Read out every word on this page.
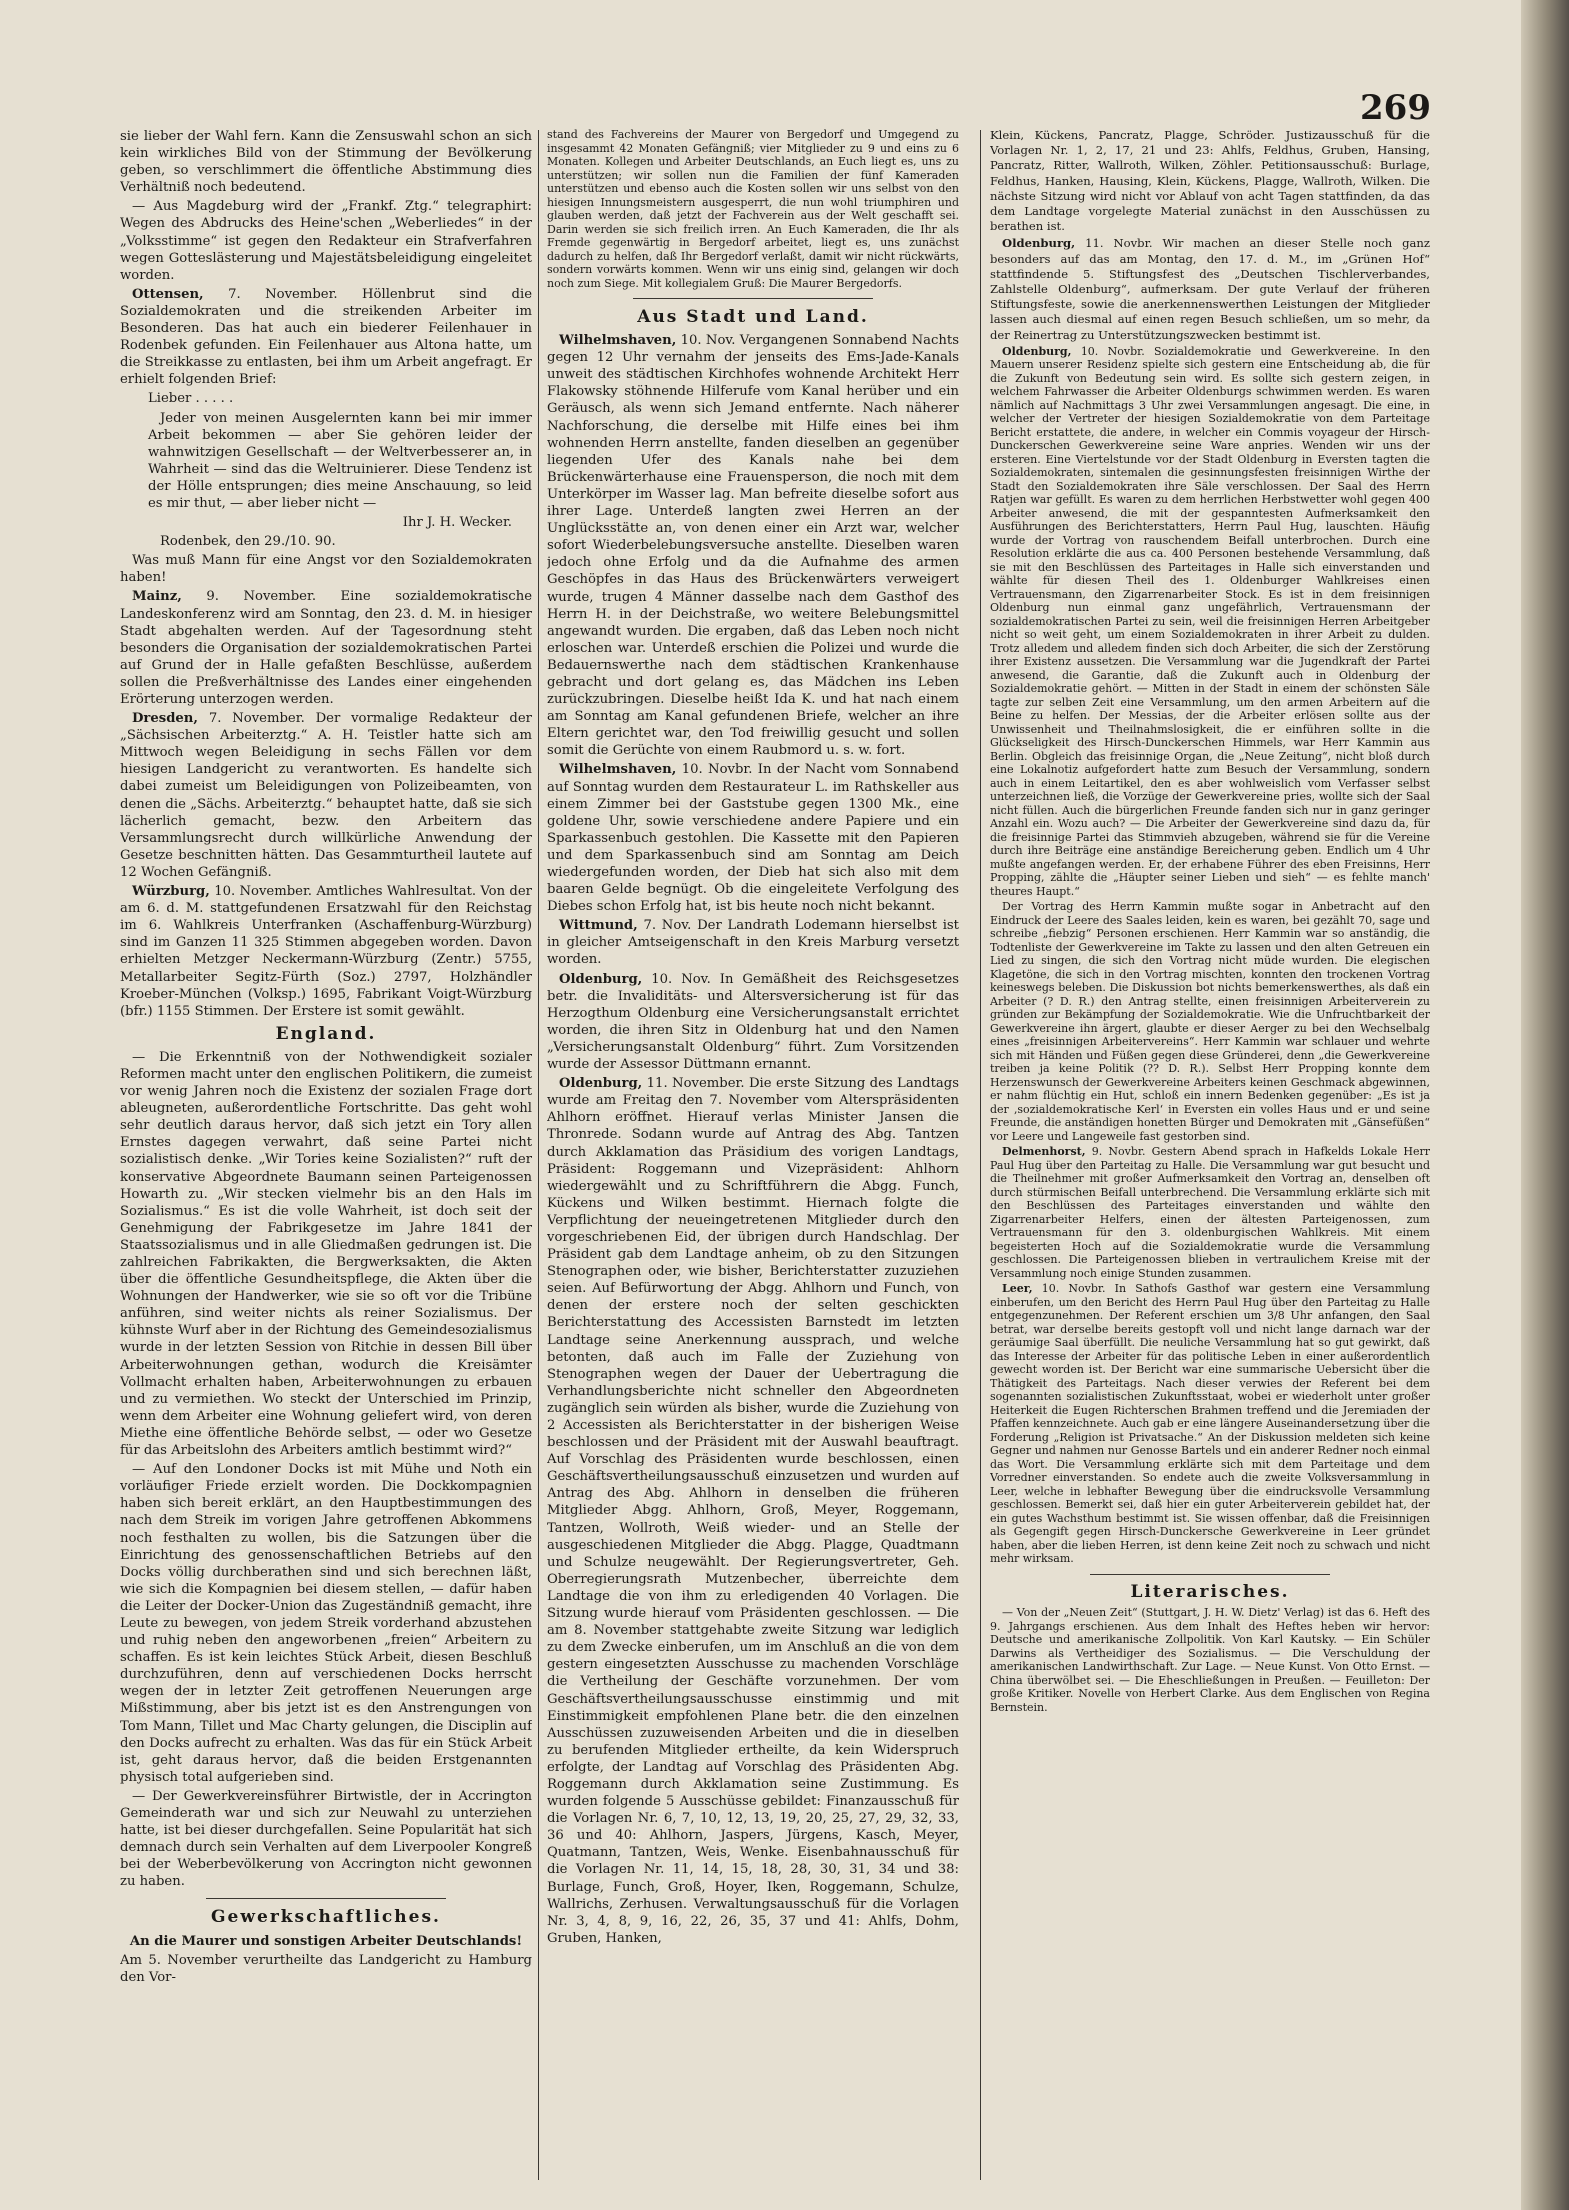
269

sie lieber der Wahl fern. Kann die Zensuswahl schon an sich kein wirkliches Bild von der Stimmung der Bevölkerung geben, so verschlimmert die öffentliche Abstimmung dies Verhältniß noch bedeutend.

— Aus Magdeburg wird der „Frankf. Ztg.“ telegraphirt: Wegen des Abdrucks des Heine'schen „Weberliedes“ in der „Volksstimme“ ist gegen den Redakteur ein Strafverfahren wegen Gotteslästerung und Majestätsbeleidigung eingeleitet worden.

Ottensen, 7. November. Höllenbrut sind die Sozialdemokraten und die streikenden Arbeiter im Besonderen. Das hat auch ein biederer Feilenhauer in Rodenbek gefunden. Ein Feilenhauer aus Altona hatte, um die Streikkasse zu entlasten, bei ihm um Arbeit angefragt. Er erhielt folgenden Brief:

Lieber . . . . .

Jeder von meinen Ausgelernten kann bei mir immer Arbeit bekommen — aber Sie gehören leider der wahnwitzigen Gesellschaft — der Weltverbesserer an, in Wahrheit — sind das die Weltruinierer. Diese Tendenz ist der Hölle entsprungen; dies meine Anschauung, so leid es mir thut, — aber lieber nicht —

Ihr J. H. Wecker.

Rodenbek, den 29./10. 90.

Was muß Mann für eine Angst vor den Sozialdemokraten haben!

Mainz, 9. November. Eine sozialdemokratische Landeskonferenz wird am Sonntag, den 23. d. M. in hiesiger Stadt abgehalten werden. Auf der Tagesordnung steht besonders die Organisation der sozialdemokratischen Partei auf Grund der in Halle gefaßten Beschlüsse, außerdem sollen die Preßverhältnisse des Landes einer eingehenden Erörterung unterzogen werden.

Dresden, 7. November. Der vormalige Redakteur der „Sächsischen Arbeiterztg.“ A. H. Teistler hatte sich am Mittwoch wegen Beleidigung in sechs Fällen vor dem hiesigen Landgericht zu verantworten. Es handelte sich dabei zumeist um Beleidigungen von Polizeibeamten, von denen die „Sächs. Arbeiterztg.“ behauptet hatte, daß sie sich lächerlich gemacht, bezw. den Arbeitern das Versammlungsrecht durch willkürliche Anwendung der Gesetze beschnitten hätten. Das Gesammturtheil lautete auf 12 Wochen Gefängniß.

Würzburg, 10. November. Amtliches Wahlresultat. Von der am 6. d. M. stattgefundenen Ersatzwahl für den Reichstag im 6. Wahlkreis Unterfranken (Aschaffenburg-Würzburg) sind im Ganzen 11 325 Stimmen abgegeben worden. Davon erhielten Metzger Neckermann-Würzburg (Zentr.) 5755, Metallarbeiter Segitz-Fürth (Soz.) 2797, Holzhändler Kroeber-München (Volksp.) 1695, Fabrikant Voigt-Würzburg (bfr.) 1155 Stimmen. Der Erstere ist somit gewählt.

England.

— Die Erkenntniß von der Nothwendigkeit sozialer Reformen macht unter den englischen Politikern, die zumeist vor wenig Jahren noch die Existenz der sozialen Frage dort ableugneten, außerordentliche Fortschritte. Das geht wohl sehr deutlich daraus hervor, daß sich jetzt ein Tory allen Ernstes dagegen verwahrt, daß seine Partei nicht sozialistisch denke. „Wir Tories keine Sozialisten?“ ruft der konservative Abgeordnete Baumann seinen Parteigenossen Howarth zu. „Wir stecken vielmehr bis an den Hals im Sozialismus.“ Es ist die volle Wahrheit, ist doch seit der Genehmigung der Fabrikgesetze im Jahre 1841 der Staatssozialismus und in alle Gliedmaßen gedrungen ist. Die zahlreichen Fabrikakten, die Bergwerksakten, die Akten über die öffentliche Gesundheitspflege, die Akten über die Wohnungen der Handwerker, wie sie so oft vor die Tribüne anführen, sind weiter nichts als reiner Sozialismus. Der kühnste Wurf aber in der Richtung des Gemeindesozialismus wurde in der letzten Session von Ritchie in dessen Bill über Arbeiterwohnungen gethan, wodurch die Kreisämter Vollmacht erhalten haben, Arbeiterwohnungen zu erbauen und zu vermiethen. Wo steckt der Unterschied im Prinzip, wenn dem Arbeiter eine Wohnung geliefert wird, von deren Miethe eine öffentliche Behörde selbst, — oder wo Gesetze für das Arbeitslohn des Arbeiters amtlich bestimmt wird?“

— Auf den Londoner Docks ist mit Mühe und Noth ein vorläufiger Friede erzielt worden. Die Dockkompagnien haben sich bereit erklärt, an den Hauptbestimmungen des nach dem Streik im vorigen Jahre getroffenen Abkommens noch festhalten zu wollen, bis die Satzungen über die Einrichtung des genossenschaftlichen Betriebs auf den Docks völlig durchberathen sind und sich berechnen läßt, wie sich die Kompagnien bei diesem stellen, — dafür haben die Leiter der Docker-Union das Zugeständniß gemacht, ihre Leute zu bewegen, von jedem Streik vorderhand abzustehen und ruhig neben den angeworbenen „freien“ Arbeitern zu schaffen. Es ist kein leichtes Stück Arbeit, diesen Beschluß durchzuführen, denn auf verschiedenen Docks herrscht wegen der in letzter Zeit getroffenen Neuerungen arge Mißstimmung, aber bis jetzt ist es den Anstrengungen von Tom Mann, Tillet und Mac Charty gelungen, die Disciplin auf den Docks aufrecht zu erhalten. Was das für ein Stück Arbeit ist, geht daraus hervor, daß die beiden Erstgenannten physisch total aufgerieben sind.

— Der Gewerkvereinsführer Birtwistle, der in Accrington Gemeinderath war und sich zur Neuwahl zu unterziehen hatte, ist bei dieser durchgefallen. Seine Popularität hat sich demnach durch sein Verhalten auf dem Liverpooler Kongreß bei der Weberbevölkerung von Accrington nicht gewonnen zu haben.

Gewerkschaftliches.

An die Maurer und sonstigen Arbeiter Deutschlands!

Am 5. November verurtheilte das Landgericht zu Hamburg den Vor-

stand des Fachvereins der Maurer von Bergedorf und Umgegend zu insgesammt 42 Monaten Gefängniß; vier Mitglieder zu 9 und eins zu 6 Monaten. Kollegen und Arbeiter Deutschlands, an Euch liegt es, uns zu unterstützen; wir sollen nun die Familien der fünf Kameraden unterstützen und ebenso auch die Kosten sollen wir uns selbst von den hiesigen Innungsmeistern ausgesperrt, die nun wohl triumphiren und glauben werden, daß jetzt der Fachverein aus der Welt geschafft sei. Darin werden sie sich freilich irren. An Euch Kameraden, die Ihr als Fremde gegenwärtig in Bergedorf arbeitet, liegt es, uns zunächst dadurch zu helfen, daß Ihr Bergedorf verlaßt, damit wir nicht rückwärts, sondern vorwärts kommen. Wenn wir uns einig sind, gelangen wir doch noch zum Siege. Mit kollegialem Gruß: Die Maurer Bergedorfs.

Aus Stadt und Land.

Wilhelmshaven, 10. Nov. Vergangenen Sonnabend Nachts gegen 12 Uhr vernahm der jenseits des Ems-Jade-Kanals unweit des städtischen Kirchhofes wohnende Architekt Herr Flakowsky stöhnende Hilferufe vom Kanal herüber und ein Geräusch, als wenn sich Jemand entfernte. Nach näherer Nachforschung, die derselbe mit Hilfe eines bei ihm wohnenden Herrn anstellte, fanden dieselben an gegenüber liegenden Ufer des Kanals nahe bei dem Brückenwärterhause eine Frauensperson, die noch mit dem Unterkörper im Wasser lag. Man befreite dieselbe sofort aus ihrer Lage. Unterdeß langten zwei Herren an der Unglücksstätte an, von denen einer ein Arzt war, welcher sofort Wiederbelebungsversuche anstellte. Dieselben waren jedoch ohne Erfolg und da die Aufnahme des armen Geschöpfes in das Haus des Brückenwärters verweigert wurde, trugen 4 Männer dasselbe nach dem Gasthof des Herrn H. in der Deichstraße, wo weitere Belebungsmittel angewandt wurden. Die ergaben, daß das Leben noch nicht erloschen war. Unterdeß erschien die Polizei und wurde die Bedauernswerthe nach dem städtischen Krankenhause gebracht und dort gelang es, das Mädchen ins Leben zurückzubringen. Dieselbe heißt Ida K. und hat nach einem am Sonntag am Kanal gefundenen Briefe, welcher an ihre Eltern gerichtet war, den Tod freiwillig gesucht und sollen somit die Gerüchte von einem Raubmord u. s. w. fort.

Wilhelmshaven, 10. Novbr. In der Nacht vom Sonnabend auf Sonntag wurden dem Restaurateur L. im Rathskeller aus einem Zimmer bei der Gaststube gegen 1300 Mk., eine goldene Uhr, sowie verschiedene andere Papiere und ein Sparkassenbuch gestohlen. Die Kassette mit den Papieren und dem Sparkassenbuch sind am Sonntag am Deich wiedergefunden worden, der Dieb hat sich also mit dem baaren Gelde begnügt. Ob die eingeleitete Verfolgung des Diebes schon Erfolg hat, ist bis heute noch nicht bekannt.

Wittmund, 7. Nov. Der Landrath Lodemann hierselbst ist in gleicher Amtseigenschaft in den Kreis Marburg versetzt worden.

Oldenburg, 10. Nov. In Gemäßheit des Reichsgesetzes betr. die Invaliditäts- und Altersversicherung ist für das Herzogthum Oldenburg eine Versicherungsanstalt errichtet worden, die ihren Sitz in Oldenburg hat und den Namen „Versicherungsanstalt Oldenburg“ führt. Zum Vorsitzenden wurde der Assessor Düttmann ernannt.

Oldenburg, 11. November. Die erste Sitzung des Landtags wurde am Freitag den 7. November vom Alterspräsidenten Ahlhorn eröffnet. Hierauf verlas Minister Jansen die Thronrede. Sodann wurde auf Antrag des Abg. Tantzen durch Akklamation das Präsidium des vorigen Landtags, Präsident: Roggemann und Vizepräsident: Ahlhorn wiedergewählt und zu Schriftführern die Abgg. Funch, Kückens und Wilken bestimmt. Hiernach folgte die Verpflichtung der neueingetretenen Mitglieder durch den vorgeschriebenen Eid, der übrigen durch Handschlag. Der Präsident gab dem Landtage anheim, ob zu den Sitzungen Stenographen oder, wie bisher, Berichterstatter zuzuziehen seien. Auf Befürwortung der Abgg. Ahlhorn und Funch, von denen der erstere noch der selten geschickten Berichterstattung des Accessisten Barnstedt im letzten Landtage seine Anerkennung aussprach, und welche betonten, daß auch im Falle der Zuziehung von Stenographen wegen der Dauer der Uebertragung die Verhandlungsberichte nicht schneller den Abgeordneten zugänglich sein würden als bisher, wurde die Zuziehung von 2 Accessisten als Berichterstatter in der bisherigen Weise beschlossen und der Präsident mit der Auswahl beauftragt. Auf Vorschlag des Präsidenten wurde beschlossen, einen Geschäftsvertheilungsausschuß einzusetzen und wurden auf Antrag des Abg. Ahlhorn in denselben die früheren Mitglieder Abgg. Ahlhorn, Groß, Meyer, Roggemann, Tantzen, Wollroth, Weiß wieder- und an Stelle der ausgeschiedenen Mitglieder die Abgg. Plagge, Quadtmann und Schulze neugewählt. Der Regierungsvertreter, Geh. Oberregierungsrath Mutzenbecher, überreichte dem Landtage die von ihm zu erledigenden 40 Vorlagen. Die Sitzung wurde hierauf vom Präsidenten geschlossen. — Die am 8. November stattgehabte zweite Sitzung war lediglich zu dem Zwecke einberufen, um im Anschluß an die von dem gestern eingesetzten Ausschusse zu machenden Vorschläge die Vertheilung der Geschäfte vorzunehmen. Der vom Geschäftsvertheilungsausschusse einstimmig und mit Einstimmigkeit empfohlenen Plane betr. die den einzelnen Ausschüssen zuzuweisenden Arbeiten und die in dieselben zu berufenden Mitglieder ertheilte, da kein Widerspruch erfolgte, der Landtag auf Vorschlag des Präsidenten Abg. Roggemann durch Akklamation seine Zustimmung. Es wurden folgende 5 Ausschüsse gebildet: Finanzausschuß für die Vorlagen Nr. 6, 7, 10, 12, 13, 19, 20, 25, 27, 29, 32, 33, 36 und 40: Ahlhorn, Jaspers, Jürgens, Kasch, Meyer, Quatmann, Tantzen, Weis, Wenke. Eisenbahnausschuß für die Vorlagen Nr. 11, 14, 15, 18, 28, 30, 31, 34 und 38: Burlage, Funch, Groß, Hoyer, Iken, Roggemann, Schulze, Wallrichs, Zerhusen. Verwaltungsausschuß für die Vorlagen Nr. 3, 4, 8, 9, 16, 22, 26, 35, 37 und 41: Ahlfs, Dohm, Gruben, Hanken,

Klein, Kückens, Pancratz, Plagge, Schröder. Justizausschuß für die Vorlagen Nr. 1, 2, 17, 21 und 23: Ahlfs, Feldhus, Gruben, Hansing, Pancratz, Ritter, Wallroth, Wilken, Zöhler. Petitionsausschuß: Burlage, Feldhus, Hanken, Hausing, Klein, Kückens, Plagge, Wallroth, Wilken. Die nächste Sitzung wird nicht vor Ablauf von acht Tagen stattfinden, da das dem Landtage vorgelegte Material zunächst in den Ausschüssen zu berathen ist.

Oldenburg, 11. Novbr. Wir machen an dieser Stelle noch ganz besonders auf das am Montag, den 17. d. M., im „Grünen Hof“ stattfindende 5. Stiftungsfest des „Deutschen Tischlerverbandes, Zahlstelle Oldenburg“, aufmerksam. Der gute Verlauf der früheren Stiftungsfeste, sowie die anerkennenswerthen Leistungen der Mitglieder lassen auch diesmal auf einen regen Besuch schließen, um so mehr, da der Reinertrag zu Unterstützungszwecken bestimmt ist.

Oldenburg, 10. Novbr. Sozialdemokratie und Gewerkvereine. In den Mauern unserer Residenz spielte sich gestern eine Entscheidung ab, die für die Zukunft von Bedeutung sein wird. Es sollte sich gestern zeigen, in welchem Fahrwasser die Arbeiter Oldenburgs schwimmen werden. Es waren nämlich auf Nachmittags 3 Uhr zwei Versammlungen angesagt. Die eine, in welcher der Vertreter der hiesigen Sozialdemokratie von dem Parteitage Bericht erstattete, die andere, in welcher ein Commis voyageur der Hirsch-Dunckerschen Gewerkvereine seine Ware anpries. Wenden wir uns der ersteren. Eine Viertelstunde vor der Stadt Oldenburg in Eversten tagten die Sozialdemokraten, sintemalen die gesinnungsfesten freisinnigen Wirthe der Stadt den Sozialdemokraten ihre Säle verschlossen. Der Saal des Herrn Ratjen war gefüllt. Es waren zu dem herrlichen Herbstwetter wohl gegen 400 Arbeiter anwesend, die mit der gespanntesten Aufmerksamkeit den Ausführungen des Berichterstatters, Herrn Paul Hug, lauschten. Häufig wurde der Vortrag von rauschendem Beifall unterbrochen. Durch eine Resolution erklärte die aus ca. 400 Personen bestehende Versammlung, daß sie mit den Beschlüssen des Parteitages in Halle sich einverstanden und wählte für diesen Theil des 1. Oldenburger Wahlkreises einen Vertrauensmann, den Zigarrenarbeiter Stock. Es ist in dem freisinnigen Oldenburg nun einmal ganz ungefährlich, Vertrauensmann der sozialdemokratischen Partei zu sein, weil die freisinnigen Herren Arbeitgeber nicht so weit geht, um einem Sozialdemokraten in ihrer Arbeit zu dulden. Trotz alledem und alledem finden sich doch Arbeiter, die sich der Zerstörung ihrer Existenz aussetzen. Die Versammlung war die Jugendkraft der Partei anwesend, die Garantie, daß die Zukunft auch in Oldenburg der Sozialdemokratie gehört. — Mitten in der Stadt in einem der schönsten Säle tagte zur selben Zeit eine Versammlung, um den armen Arbeitern auf die Beine zu helfen. Der Messias, der die Arbeiter erlösen sollte aus der Unwissenheit und Theilnahmslosigkeit, die er einführen sollte in die Glückseligkeit des Hirsch-Dunckerschen Himmels, war Herr Kammin aus Berlin. Obgleich das freisinnige Organ, die „Neue Zeitung“, nicht bloß durch eine Lokalnotiz aufgefordert hatte zum Besuch der Versammlung, sondern auch in einem Leitartikel, den es aber wohlweislich vom Verfasser selbst unterzeichnen ließ, die Vorzüge der Gewerkvereine pries, wollte sich der Saal nicht füllen. Auch die bürgerlichen Freunde fanden sich nur in ganz geringer Anzahl ein. Wozu auch? — Die Arbeiter der Gewerkvereine sind dazu da, für die freisinnige Partei das Stimmvieh abzugeben, während sie für die Vereine durch ihre Beiträge eine anständige Bereicherung geben. Endlich um 4 Uhr mußte angefangen werden. Er, der erhabene Führer des eben Freisinns, Herr Propping, zählte die „Häupter seiner Lieben und sieh“ — es fehlte manch' theures Haupt.“

Der Vortrag des Herrn Kammin mußte sogar in Anbetracht auf den Eindruck der Leere des Saales leiden, kein es waren, bei gezählt 70, sage und schreibe „fiebzig“ Personen erschienen. Herr Kammin war so anständig, die Todtenliste der Gewerkvereine im Takte zu lassen und den alten Getreuen ein Lied zu singen, die sich den Vortrag nicht müde wurden. Die elegischen Klagetöne, die sich in den Vortrag mischten, konnten den trockenen Vortrag keineswegs beleben. Die Diskussion bot nichts bemerkenswerthes, als daß ein Arbeiter (? D. R.) den Antrag stellte, einen freisinnigen Arbeiterverein zu gründen zur Bekämpfung der Sozialdemokratie. Wie die Unfruchtbarkeit der Gewerkvereine ihn ärgert, glaubte er dieser Aerger zu bei den Wechselbalg eines „freisinnigen Arbeitervereins“. Herr Kammin war schlauer und wehrte sich mit Händen und Füßen gegen diese Gründerei, denn „die Gewerkvereine treiben ja keine Politik (?? D. R.). Selbst Herr Propping konnte dem Herzenswunsch der Gewerkvereine Arbeiters keinen Geschmack abgewinnen, er nahm flüchtig ein Hut, schloß ein innern Bedenken gegenüber: „Es ist ja der ‚sozialdemokratische Kerl‘ in Eversten ein volles Haus und er und seine Freunde, die anständigen honetten Bürger und Demokraten mit „Gänsefüßen“ vor Leere und Langeweile fast gestorben sind.

Delmenhorst, 9. Novbr. Gestern Abend sprach in Hafkelds Lokale Herr Paul Hug über den Parteitag zu Halle. Die Versammlung war gut besucht und die Theilnehmer mit großer Aufmerksamkeit den Vortrag an, denselben oft durch stürmischen Beifall unterbrechend. Die Versammlung erklärte sich mit den Beschlüssen des Parteitages einverstanden und wählte den Zigarrenarbeiter Helfers, einen der ältesten Parteigenossen, zum Vertrauensmann für den 3. oldenburgischen Wahlkreis. Mit einem begeisterten Hoch auf die Sozialdemokratie wurde die Versammlung geschlossen. Die Parteigenossen blieben in vertraulichem Kreise mit der Versammlung noch einige Stunden zusammen.

Leer, 10. Novbr. In Sathofs Gasthof war gestern eine Versammlung einberufen, um den Bericht des Herrn Paul Hug über den Parteitag zu Halle entgegenzunehmen. Der Referent erschien um 3/8 Uhr anfangen, den Saal betrat, war derselbe bereits gestopft voll und nicht lange darnach war der geräumige Saal überfüllt. Die neuliche Versammlung hat so gut gewirkt, daß das Interesse der Arbeiter für das politische Leben in einer außerordentlich gewecht worden ist. Der Bericht war eine summarische Uebersicht über die Thätigkeit des Parteitags. Nach dieser verwies der Referent bei dem sogenannten sozialistischen Zukunftsstaat, wobei er wiederholt unter großer Heiterkeit die Eugen Richterschen Brahmen treffend und die Jeremiaden der Pfaffen kennzeichnete. Auch gab er eine längere Auseinandersetzung über die Forderung „Religion ist Privatsache.“ An der Diskussion meldeten sich keine Gegner und nahmen nur Genosse Bartels und ein anderer Redner noch einmal das Wort. Die Versammlung erklärte sich mit dem Parteitage und dem Vorredner einverstanden. So endete auch die zweite Volksversammlung in Leer, welche in lebhafter Bewegung über die eindrucksvolle Versammlung geschlossen. Bemerkt sei, daß hier ein guter Arbeiterverein gebildet hat, der ein gutes Wachsthum bestimmt ist. Sie wissen offenbar, daß die Freisinnigen als Gegengift gegen Hirsch-Dunckersche Gewerkvereine in Leer gründet haben, aber die lieben Herren, ist denn keine Zeit noch zu schwach und nicht mehr wirksam.

Literarisches.

— Von der „Neuen Zeit“ (Stuttgart, J. H. W. Dietz' Verlag) ist das 6. Heft des 9. Jahrgangs erschienen. Aus dem Inhalt des Heftes heben wir hervor: Deutsche und amerikanische Zollpolitik. Von Karl Kautsky. — Ein Schüler Darwins als Vertheidiger des Sozialismus. — Die Verschuldung der amerikanischen Landwirthschaft. Zur Lage. — Neue Kunst. Von Otto Ernst. — China überwölbet sei. — Die Eheschließungen in Preußen. — Feuilleton: Der große Kritiker. Novelle von Herbert Clarke. Aus dem Englischen von Regina Bernstein.
